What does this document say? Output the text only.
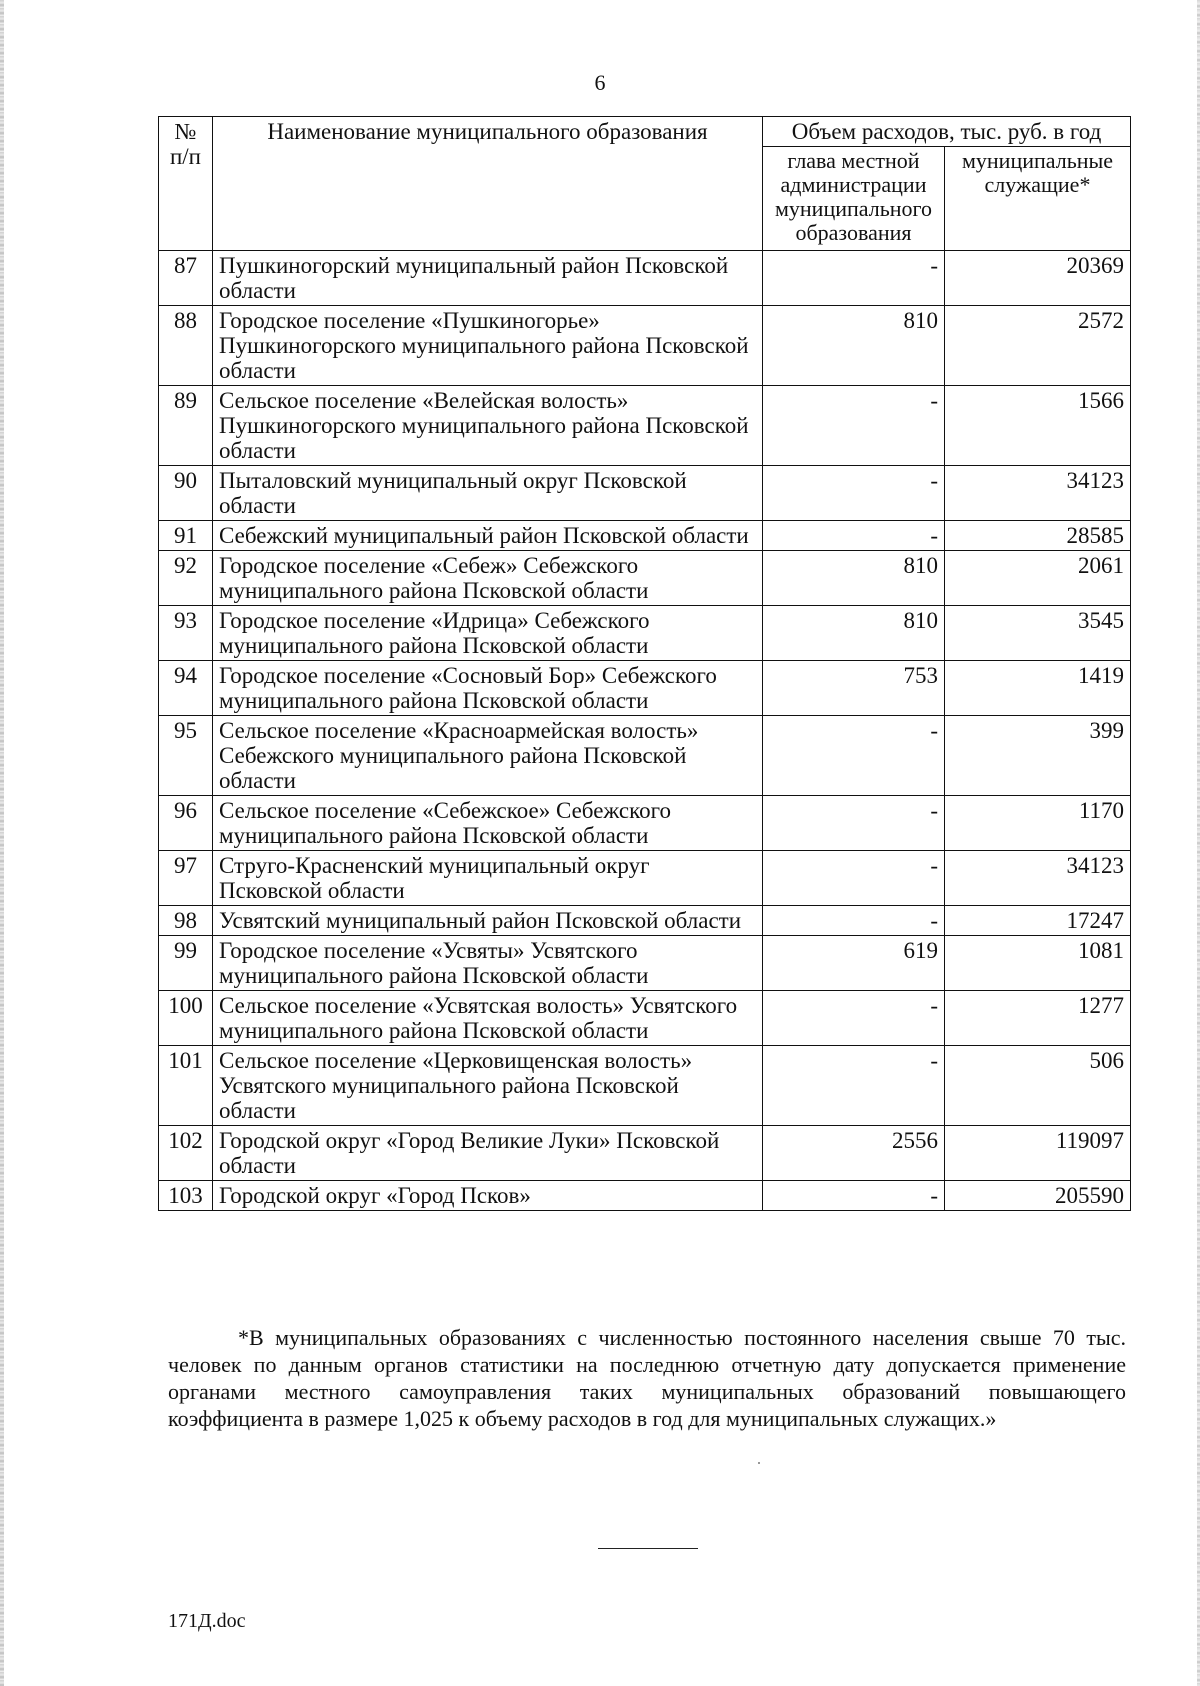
6
№ п/п	Наименование муниципального образования	Объем расходов, тыс. руб. в год	
		глава местной администрации муниципального образования	муниципальные служащие*
87	Пушкиногорский муниципальный район Псковской области	-	20369
88	Городское поселение «Пушкиногорье» Пушкиногорского муниципального района Псковской области	810	2572
89	Сельское поселение «Велейская волость» Пушкиногорского муниципального района Псковской области	-	1566
90	Пыталовский муниципальный округ Псковской области	-	34123
91	Себежский муниципальный район Псковской области	-	28585
92	Городское поселение «Себеж» Себежского муниципального района Псковской области	810	2061
93	Городское поселение «Идрица» Себежского муниципального района Псковской области	810	3545
94	Городское поселение «Сосновый Бор» Себежского муниципального района Псковской области	753	1419
95	Сельское поселение «Красноармейская волость» Себежского муниципального района Псковской области	-	399
96	Сельское поселение «Себежское» Себежского муниципального района Псковской области	-	1170
97	Струго-Красненский муниципальный округ Псковской области	-	34123
98	Усвятский муниципальный район Псковской области	-	17247
99	Городское поселение «Усвяты» Усвятского муниципального района Псковской области	619	1081
100	Сельское поселение «Усвятская волость» Усвятского муниципального района Псковской области	-	1277
101	Сельское поселение «Церковищенская волость» Усвятского муниципального района Псковской области	-	506
102	Городской округ «Город Великие Луки» Псковской области	2556	119097
103	Городской округ «Город Псков»	-	205590
*В муниципальных образованиях с численностью постоянного населения свыше 70 тыс. человек по данным органов статистики на последнюю отчетную дату допускается применение органами местного самоуправления таких муниципальных образований повышающего коэффициента в размере 1,025 к объему расходов в год для муниципальных служащих.»
171Д.doc
